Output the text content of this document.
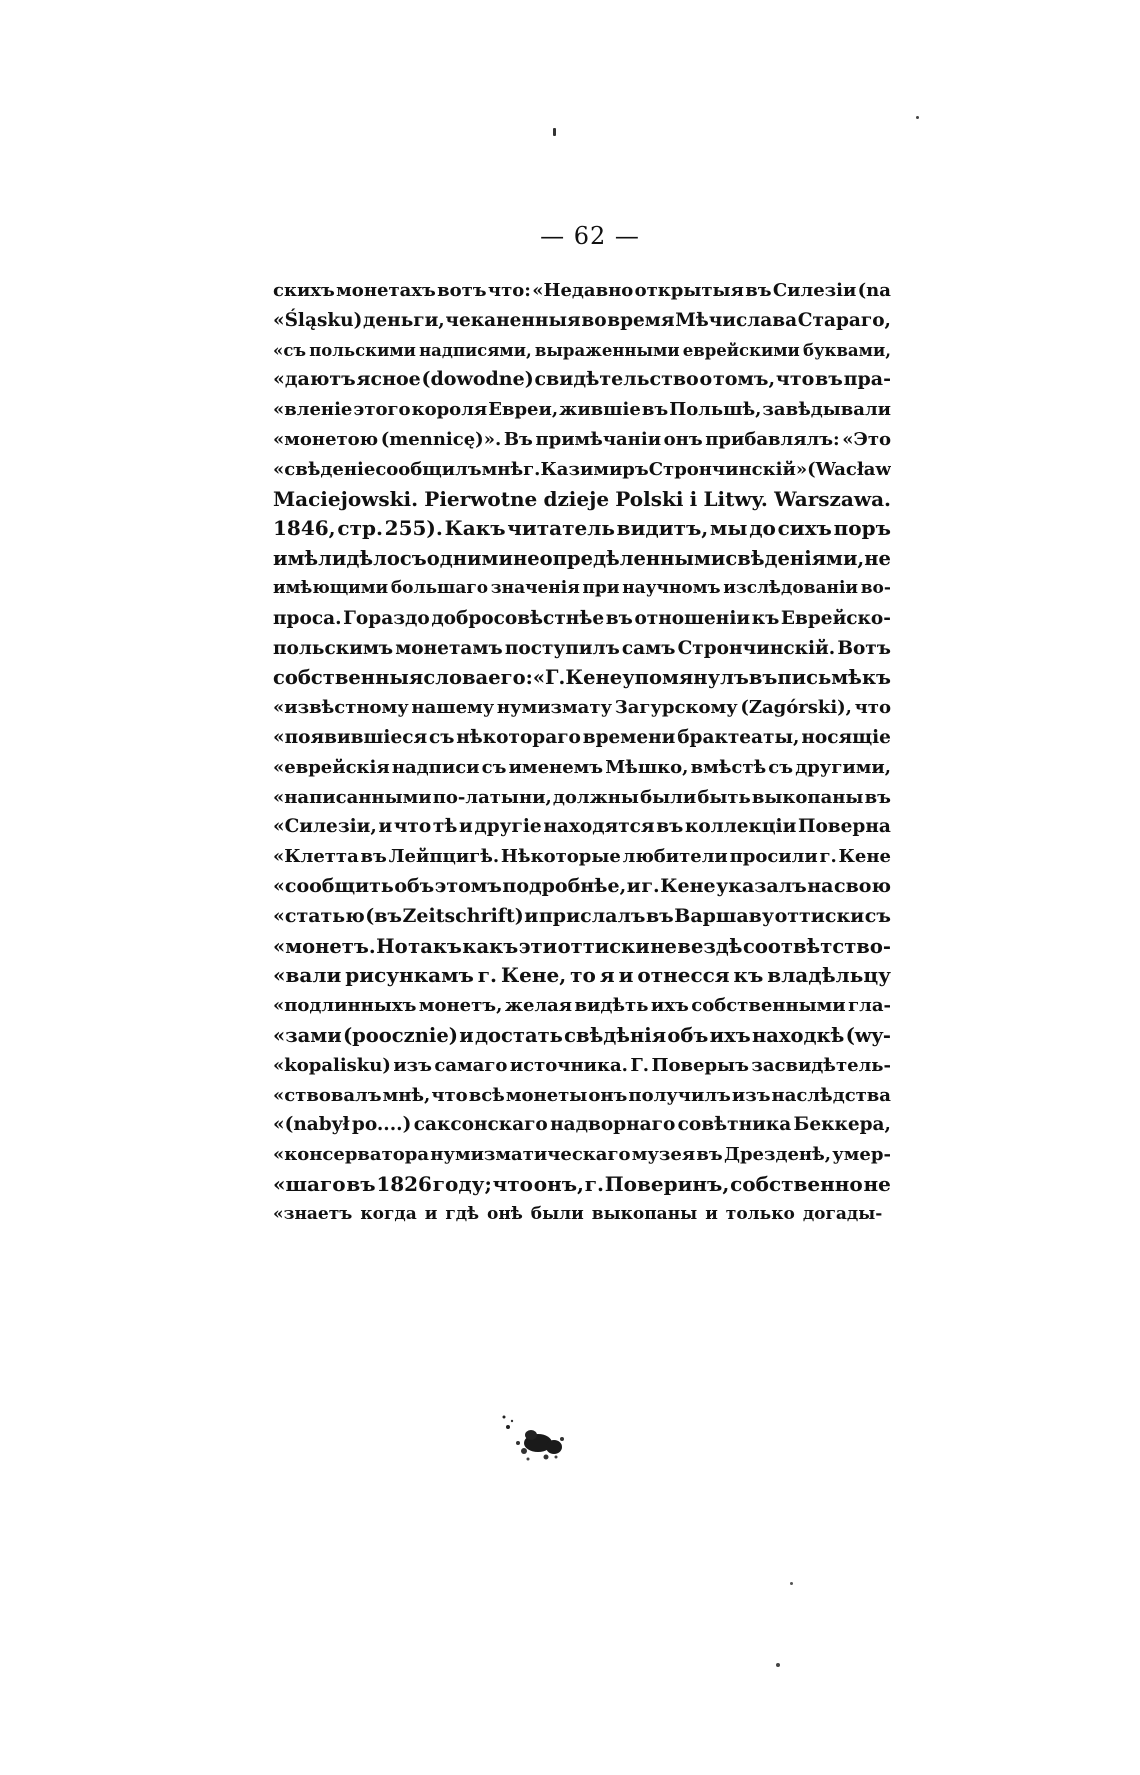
— 62 —
скихъ монетахъ вотъ что: «Недавно открытыя въ Силезіи (na
«Śląsku) деньги, чеканенныя во время Мѣчислава Стараго,
«съ польскими надписями, выраженными еврейскими буквами,
«даютъ ясное (dowodne) свидѣтельство о томъ, что въ пра-
«вленіе этого короля Евреи, жившіе въ Польшѣ, завѣдывали
«монетою (mennicę)». Въ примѣчаніи онъ прибавлялъ: «Это
«свѣденіе сообщилъ мнѣ г. Казимиръ Стрончинскій» (Wacław
Maciejowski. Pierwotne dzieje Polski i Litwy. Warszawa.
1846, стр. 255). Какъ читатель видитъ, мы до сихъ поръ
имѣли дѣло съ одними неопредѣленными свѣденіями, не
имѣющими большаго значенія при научномъ изслѣдованіи во-
проса. Гораздо добросовѣстнѣе въ отношеніи къ Еврейско-
польскимъ монетамъ поступилъ самъ Стрончинскій. Вотъ
собственныя слова его: «Г. Кене упомянулъ въ письмѣ къ
«извѣстному нашему нумизмату Загурскому (Zagórski), что
«появившіеся съ нѣкотораго времени брактеаты, носящіе
«еврейскія надписи съ именемъ Мѣшко, вмѣстѣ съ другими,
«написанными по-латыни, должны были быть выкопаны въ
«Силезіи, и что тѣ и другіе находятся въ коллекціи Поверна
«Клетта въ Лейпцигѣ. Нѣкоторые любители просили г. Кене
«сообщить объ этомъ подробнѣе, и г. Кене указалъ на свою
«статью (въ Zeitschrift) и прислалъ въ Варшаву оттиски съ
«монетъ. Но такъ какъ эти оттиски не вездѣ соотвѣтство-
«вали рисункамъ г. Кене, то я и отнесся къ владѣльцу
«подлинныхъ монетъ, желая видѣть ихъ собственными гла-
«зами (pooczniе) и достать свѣдѣнія объ ихъ находкѣ (wy-
«kopalisku) изъ самаго источника. Г. Поверыъ засвидѣтель-
«ствовалъ мнѣ, что всѣ монеты онъ получилъ изъ наслѣдства
«(nabył po....) саксонскаго надворнаго совѣтника Беккера,
«консерватора нумизматическаго музея въ Дрезденѣ, умер-
«шаго въ 1826 году; что онъ, г. Поверинъ, собственно не
«знаетъ когда и гдѣ онѣ были выкопаны и только догады-
